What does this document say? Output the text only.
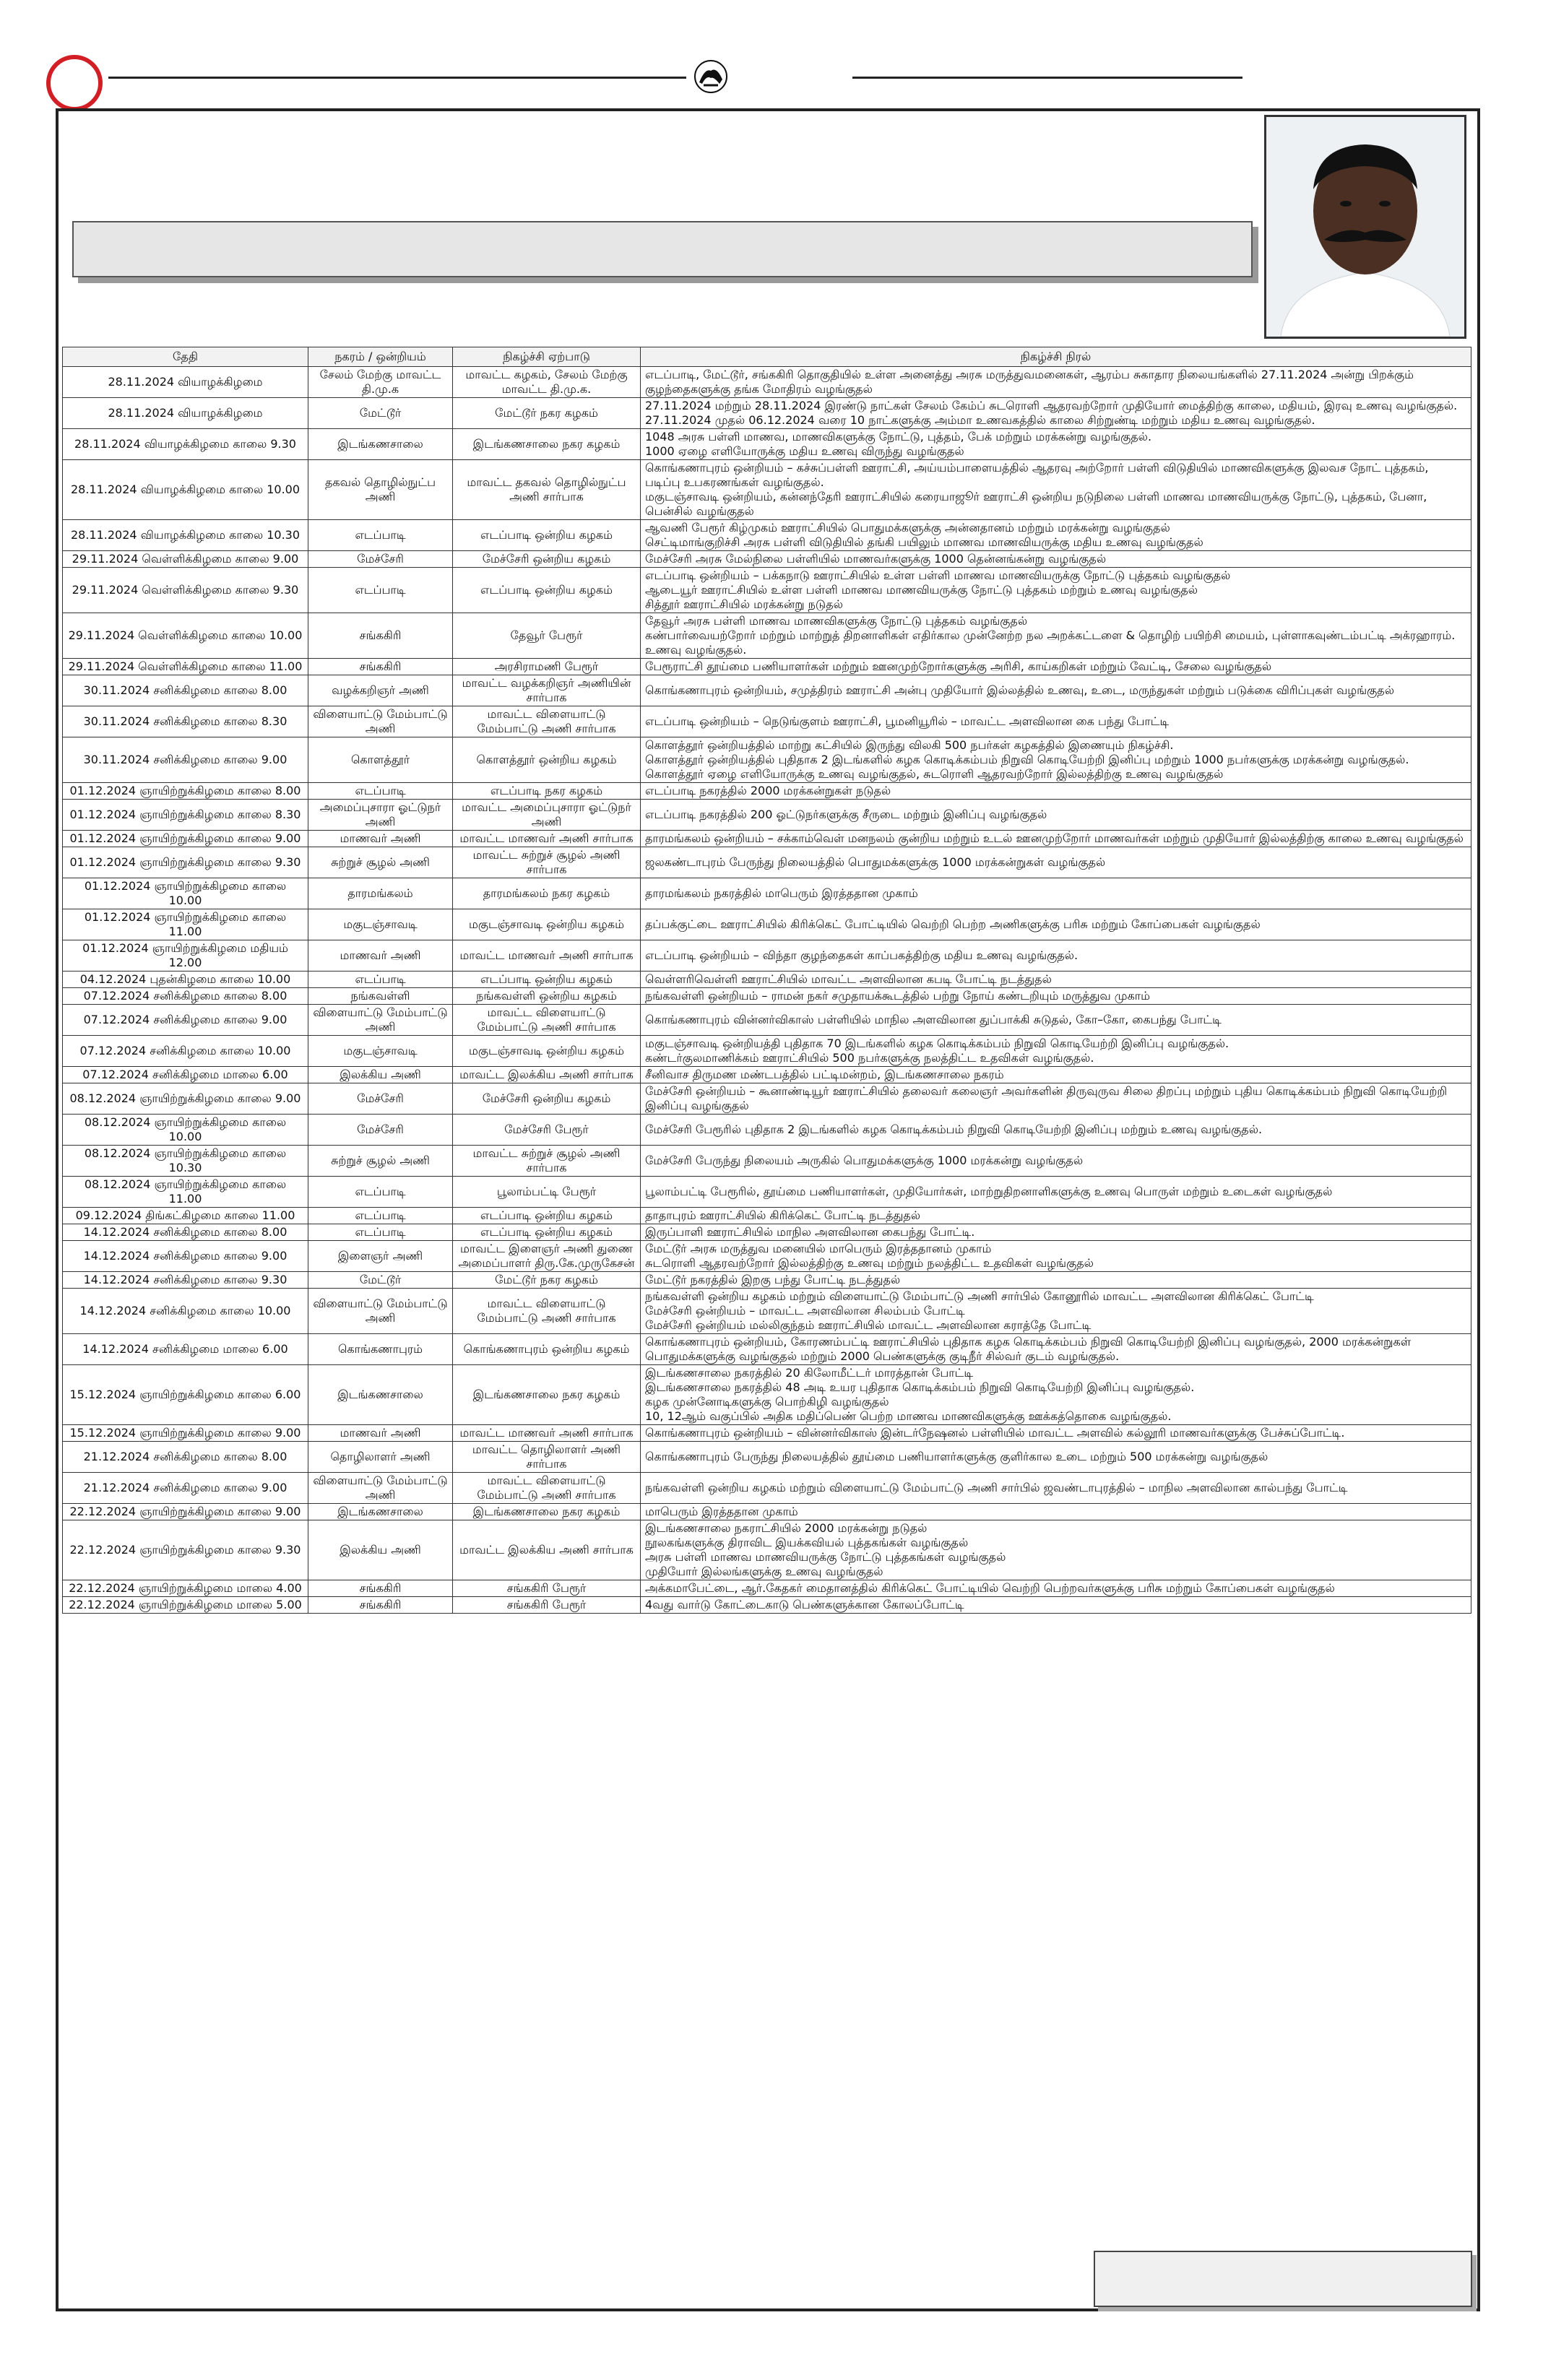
தேதி	நகரம் / ஒன்றியம்	நிகழ்ச்சி ஏற்பாடு	நிகழ்ச்சி நிரல்
28.11.2024 வியாழக்கிழமை	சேலம் மேற்கு மாவட்ட தி.மு.க	மாவட்ட கழகம், சேலம் மேற்கு மாவட்ட தி.மு.க.	எடப்பாடி, மேட்டூர், சங்ககிரி தொகுதியில் உள்ள அனைத்து அரசு மருத்துவமனைகள், ஆரம்ப சுகாதார நிலையங்களில் 27.11.2024 அன்று பிறக்கும் குழந்தைகளுக்கு தங்க மோதிரம் வழங்குதல்
28.11.2024 வியாழக்கிழமை	மேட்டூர்	மேட்டூர் நகர கழகம்	27.11.2024 மற்றும் 28.11.2024 இரண்டு நாட்கள் சேலம் கேம்ப் சுடரொளி ஆதரவற்றோர் முதியோர் மைத்திற்கு காலை, மதியம், இரவு உணவு வழங்குதல்.
27.11.2024 முதல் 06.12.2024 வரை 10 நாட்களுக்கு அம்மா உணவகத்தில் காலை சிற்றுண்டி மற்றும் மதிய உணவு வழங்குதல்.
28.11.2024 வியாழக்கிழமை காலை 9.30	இடங்கணசாலை	இடங்கணசாலை நகர கழகம்	1048 அரசு பள்ளி மாணவ, மாணவிகளுக்கு நோட்டு, புத்தம், பேக் மற்றும் மரக்கன்று வழங்குதல்.
1000 ஏழை எளியோருக்கு மதிய உணவு விருந்து வழங்குதல்
28.11.2024 வியாழக்கிழமை காலை 10.00	தகவல் தொழில்நுட்ப அணி	மாவட்ட தகவல் தொழில்நுட்ப அணி சார்பாக	கொங்கணாபுரம் ஒன்றியம் – கச்சுப்பள்ளி ஊராட்சி, அய்யம்பாளையத்தில் ஆதரவு அற்றோர் பள்ளி விடுதியில் மாணவிகளுக்கு இலவச நோட் புத்தகம், படிப்பு உபகரணங்கள் வழங்குதல்.
மகுடஞ்சாவடி ஒன்றியம், கன்னந்தேரி ஊராட்சியில் கரையாஜூர் ஊராட்சி ஒன்றிய நடுநிலை பள்ளி மாணவ மாணவியருக்கு நோட்டு, புத்தகம், பேனா, பென்சில் வழங்குதல்
28.11.2024 வியாழக்கிழமை காலை 10.30	எடப்பாடி	எடப்பாடி ஒன்றிய கழகம்	ஆவணி பேரூர் கிழ்முகம் ஊராட்சியில் பொதுமக்களுக்கு அன்னதானம் மற்றும் மரக்கன்று வழங்குதல்
செட்டிமாங்குறிச்சி அரசு பள்ளி விடுதியில் தங்கி பயிலும் மாணவ மாணவியருக்கு மதிய உணவு வழங்குதல்
29.11.2024 வெள்ளிக்கிழமை காலை 9.00	மேச்சேரி	மேச்சேரி ஒன்றிய கழகம்	மேச்சேரி அரசு மேல்நிலை பள்ளியில் மாணவர்களுக்கு 1000 தென்னங்கன்று வழங்குதல்
29.11.2024 வெள்ளிக்கிழமை காலை 9.30	எடப்பாடி	எடப்பாடி ஒன்றிய கழகம்	எடப்பாடி ஒன்றியம் – பக்கநாடு ஊராட்சியில் உள்ள பள்ளி மாணவ மாணவியருக்கு நோட்டு புத்தகம் வழங்குதல்
ஆடையூர் ஊராட்சியில் உள்ள பள்ளி மாணவ மாணவியருக்கு நோட்டு புத்தகம் மற்றும் உணவு வழங்குதல்
சித்தூர் ஊராட்சியில் மரக்கன்று நடுதல்
29.11.2024 வெள்ளிக்கிழமை காலை 10.00	சங்ககிரி	தேவூர் பேரூர்	தேவூர் அரசு பள்ளி மாணவ மாணவிகளுக்கு நோட்டு புத்தகம் வழங்குதல்
கண்பார்வையற்றோர் மற்றும் மாற்றுத் திறனாளிகள் எதிர்கால முன்னேற்ற நல அறக்கட்டளை & தொழிற் பயிற்சி மையம், புள்ளாகவுண்டம்பட்டி அக்ரஹாரம். உணவு வழங்குதல்.
29.11.2024 வெள்ளிக்கிழமை காலை 11.00	சங்ககிரி	அரசிராமணி பேரூர்	பேரூராட்சி தூய்மை பணியாளர்கள் மற்றும் ஊனமுற்றோர்களுக்கு அரிசி, காய்கறிகள் மற்றும் வேட்டி, சேலை வழங்குதல்
30.11.2024 சனிக்கிழமை காலை 8.00	வழக்கறிஞர் அணி	மாவட்ட வழக்கறிஞர் அணியின் சார்பாக	கொங்கணாபுரம் ஒன்றியம், சமுத்திரம் ஊராட்சி அன்பு முதியோர் இல்லத்தில் உணவு, உடை, மருந்துகள் மற்றும் படுக்கை விரிப்புகள் வழங்குதல்
30.11.2024 சனிக்கிழமை காலை 8.30	விளையாட்டு மேம்பாட்டு அணி	மாவட்ட விளையாட்டு மேம்பாட்டு அணி சார்பாக	எடப்பாடி ஒன்றியம் – நெடுங்குளம் ஊராட்சி, பூமனியூரில் – மாவட்ட அளவிலான கை பந்து போட்டி
30.11.2024 சனிக்கிழமை காலை 9.00	கொளத்தூர்	கொளத்தூர் ஒன்றிய கழகம்	கொளத்தூர் ஒன்றியத்தில் மாற்று கட்சியில் இருந்து விலகி 500 நபர்கள் கழகத்தில் இணையும் நிகழ்ச்சி.
கொளத்தூர் ஒன்றியத்தில் புதிதாக 2 இடங்களில் கழக கொடிக்கம்பம் நிறுவி கொடியேற்றி இனிப்பு மற்றும் 1000 நபர்களுக்கு மரக்கன்று வழங்குதல்.
கொளத்தூர் ஏழை எளியோருக்கு உணவு வழங்குதல், சுடரொளி ஆதரவற்றோர் இல்லத்திற்கு உணவு வழங்குதல்
01.12.2024 ஞாயிற்றுக்கிழமை காலை 8.00	எடப்பாடி	எடப்பாடி நகர கழகம்	எடப்பாடி நகரத்தில் 2000 மரக்கன்றுகள் நடுதல்
01.12.2024 ஞாயிற்றுக்கிழமை காலை 8.30	அமைப்புசாரா ஓட்டுநர் அணி	மாவட்ட அமைப்புசாரா ஓட்டுநர் அணி	எடப்பாடி நகரத்தில் 200 ஓட்டுநர்களுக்கு சீருடை மற்றும் இனிப்பு வழங்குதல்
01.12.2024 ஞாயிற்றுக்கிழமை காலை 9.00	மாணவர் அணி	மாவட்ட மாணவர் அணி சார்பாக	தாரமங்கலம் ஒன்றியம் – சக்காம்வெள் மனநலம் குன்றிய மற்றும் உடல் ஊனமுற்றோர் மாணவர்கள் மற்றும் முதியோர் இல்லத்திற்கு காலை உணவு வழங்குதல்
01.12.2024 ஞாயிற்றுக்கிழமை காலை 9.30	சுற்றுச் சூழல் அணி	மாவட்ட சுற்றுச் சூழல் அணி சார்பாக	ஜலகண்டாபுரம் பேருந்து நிலையத்தில் பொதுமக்களுக்கு 1000 மரக்கன்றுகள் வழங்குதல்
01.12.2024 ஞாயிற்றுக்கிழமை காலை 10.00	தாரமங்கலம்	தாரமங்கலம் நகர கழகம்	தாரமங்கலம் நகரத்தில் மாபெரும் இரத்ததான முகாம்
01.12.2024 ஞாயிற்றுக்கிழமை காலை 11.00	மகுடஞ்சாவடி	மகுடஞ்சாவடி ஒன்றிய கழகம்	தப்பக்குட்டை ஊராட்சியில் கிரிக்கெட் போட்டியில் வெற்றி பெற்ற அணிகளுக்கு பரிசு மற்றும் கோப்பைகள் வழங்குதல்
01.12.2024 ஞாயிற்றுக்கிழமை மதியம் 12.00	மாணவர் அணி	மாவட்ட மாணவர் அணி சார்பாக	எடப்பாடி ஒன்றியம் – விந்தா குழந்தைகள் காப்பகத்திற்கு மதிய உணவு வழங்குதல்.
04.12.2024 புதன்கிழமை காலை 10.00	எடப்பாடி	எடப்பாடி ஒன்றிய கழகம்	வெள்ளரிவெள்ளி ஊராட்சியில் மாவட்ட அளவிலான கபடி போட்டி நடத்துதல்
07.12.2024 சனிக்கிழமை காலை 8.00	நங்கவள்ளி	நங்கவள்ளி ஒன்றிய கழகம்	நங்கவள்ளி ஒன்றியம் – ராமன் நகர் சமுதாயக்கூடத்தில் பற்று நோய் கண்டறியும் மருத்துவ முகாம்
07.12.2024 சனிக்கிழமை காலை 9.00	விளையாட்டு மேம்பாட்டு அணி	மாவட்ட விளையாட்டு மேம்பாட்டு அணி சார்பாக	கொங்கணாபுரம் வின்னர்விகாஸ் பள்ளியில் மாநில அளவிலான துப்பாக்கி சுடுதல், கோ–கோ, கைபந்து போட்டி
07.12.2024 சனிக்கிழமை காலை 10.00	மகுடஞ்சாவடி	மகுடஞ்சாவடி ஒன்றிய கழகம்	மகுடஞ்சாவடி ஒன்றியத்தி புதிதாக 70 இடங்களில் கழக கொடிக்கம்பம் நிறுவி கொடியேற்றி இனிப்பு வழங்குதல்.
கண்டர்குலமாணிக்கம் ஊராட்சியில் 500 நபர்களுக்கு நலத்திட்ட உதவிகள் வழங்குதல்.
07.12.2024 சனிக்கிழமை மாலை 6.00	இலக்கிய அணி	மாவட்ட இலக்கிய அணி சார்பாக	சீனிவாச திருமண மண்டபத்தில் பட்டிமன்றம், இடங்கணசாலை நகரம்
08.12.2024 ஞாயிற்றுக்கிழமை காலை 9.00	மேச்சேரி	மேச்சேரி ஒன்றிய கழகம்	மேச்சேரி ஒன்றியம் – கூனாண்டியூர் ஊராட்சியில் தலைவர் கலைஞர் அவர்களின் திருவுருவ சிலை திறப்பு மற்றும் புதிய கொடிக்கம்பம் நிறுவி கொடியேற்றி இனிப்பு வழங்குதல்
08.12.2024 ஞாயிற்றுக்கிழமை காலை 10.00	மேச்சேரி	மேச்சேரி பேரூர்	மேச்சேரி பேரூரில் புதிதாக 2 இடங்களில் கழக கொடிக்கம்பம் நிறுவி கொடியேற்றி இனிப்பு மற்றும் உணவு வழங்குதல்.
08.12.2024 ஞாயிற்றுக்கிழமை காலை 10.30	சுற்றுச் சூழல் அணி	மாவட்ட சுற்றுச் சூழல் அணி சார்பாக	மேச்சேரி பேருந்து நிலையம் அருகில் பொதுமக்களுக்கு 1000 மரக்கன்று வழங்குதல்
08.12.2024 ஞாயிற்றுக்கிழமை காலை 11.00	எடப்பாடி	பூலாம்பட்டி பேரூர்	பூலாம்பட்டி பேரூரில், தூய்மை பணியாளர்கள், முதியோர்கள், மாற்றுதிறனாளிகளுக்கு உணவு பொருள் மற்றும் உடைகள் வழங்குதல்
09.12.2024 திங்கட்கிழமை காலை 11.00	எடப்பாடி	எடப்பாடி ஒன்றிய கழகம்	தாதாபுரம் ஊராட்சியில் கிரிக்கெட் போட்டி நடத்துதல்
14.12.2024 சனிக்கிழமை காலை 8.00	எடப்பாடி	எடப்பாடி ஒன்றிய கழகம்	இருப்பாளி ஊராட்சியில் மாநில அளவிலான கைபந்து போட்டி.
14.12.2024 சனிக்கிழமை காலை 9.00	இளைஞர் அணி	மாவட்ட இளைஞர் அணி துணை அமைப்பாளர் திரு.கே.முருகேசன்	மேட்டூர் அரசு மருத்துவ மனையில் மாபெரும் இரத்ததானம் முகாம்
சுடரொளி ஆதரவற்றோர் இல்லத்திற்கு உணவு மற்றும் நலத்திட்ட உதவிகள் வழங்குதல்
14.12.2024 சனிக்கிழமை காலை 9.30	மேட்டூர்	மேட்டூர் நகர கழகம்	மேட்டூர் நகரத்தில் இறகு பந்து போட்டி நடத்துதல்
14.12.2024 சனிக்கிழமை காலை 10.00	விளையாட்டு மேம்பாட்டு அணி	மாவட்ட விளையாட்டு மேம்பாட்டு அணி சார்பாக	நங்கவள்ளி ஒன்றிய கழகம் மற்றும் விளையாட்டு மேம்பாட்டு அணி சார்பில் கோனூரில் மாவட்ட அளவிலான கிரிக்கெட் போட்டி
மேச்சேரி ஒன்றியம் – மாவட்ட அளவிலான சிலம்பம் போட்டி
மேச்சேரி ஒன்றியம் மல்லிகுந்தம் ஊராட்சியில் மாவட்ட அளவிலான கராத்தே போட்டி
14.12.2024 சனிக்கிழமை மாலை 6.00	கொங்கணாபுரம்	கொங்கணாபுரம் ஒன்றிய கழகம்	கொங்கணாபுரம் ஒன்றியம், கோரணம்பட்டி ஊராட்சியில் புதிதாக கழக கொடிக்கம்பம் நிறுவி கொடியேற்றி இனிப்பு வழங்குதல், 2000 மரக்கன்றுகள் பொதுமக்களுக்கு வழங்குதல் மற்றும் 2000 பெண்களுக்கு குடிநீர் சில்வர் குடம் வழங்குதல்.
15.12.2024 ஞாயிற்றுக்கிழமை காலை 6.00	இடங்கணசாலை	இடங்கணசாலை நகர கழகம்	இடங்கணசாலை நகரத்தில் 20 கிலோமீட்டர் மாரத்தான் போட்டி
இடங்கணசாலை நகரத்தில் 48 அடி உயர புதிதாக கொடிக்கம்பம் நிறுவி கொடியேற்றி இனிப்பு வழங்குதல்.
கழக முன்னோடிகளுக்கு பொற்கிழி வழங்குதல்
10, 12ஆம் வகுப்பில் அதிக மதிப்பெண் பெற்ற மாணவ மாணவிகளுக்கு ஊக்கத்தொகை வழங்குதல்.
15.12.2024 ஞாயிற்றுக்கிழமை காலை 9.00	மாணவர் அணி	மாவட்ட மாணவர் அணி சார்பாக	கொங்கணாபுரம் ஒன்றியம் – வின்னர்விகாஸ் இன்டர்நேஷனல் பள்ளியில் மாவட்ட அளவில் கல்லூரி மாணவர்களுக்கு பேச்சுப்போட்டி.
21.12.2024 சனிக்கிழமை காலை 8.00	தொழிலாளர் அணி	மாவட்ட தொழிலாளர் அணி சார்பாக	கொங்கணாபுரம் பேருந்து நிலையத்தில் தூய்மை பணியாளர்களுக்கு குளிர்கால உடை மற்றும் 500 மரக்கன்று வழங்குதல்
21.12.2024 சனிக்கிழமை காலை 9.00	விளையாட்டு மேம்பாட்டு அணி	மாவட்ட விளையாட்டு மேம்பாட்டு அணி சார்பாக	நங்கவள்ளி ஒன்றிய கழகம் மற்றும் விளையாட்டு மேம்பாட்டு அணி சார்பில் ஜவண்டாபுரத்தில் – மாநில அளவிலான கால்பந்து போட்டி
22.12.2024 ஞாயிற்றுக்கிழமை காலை 9.00	இடங்கணசாலை	இடங்கணசாலை நகர கழகம்	மாபெரும் இரத்ததான முகாம்
22.12.2024 ஞாயிற்றுக்கிழமை காலை 9.30	இலக்கிய அணி	மாவட்ட இலக்கிய அணி சார்பாக	இடங்கணசாலை நகராட்சியில் 2000 மரக்கன்று நடுதல்
நூலகங்களுக்கு திராவிட இயக்கவியல் புத்தகங்கள் வழங்குதல்
அரசு பள்ளி மாணவ மாணவியருக்கு நோட்டு புத்தகங்கள் வழங்குதல்
முதியோர் இல்லங்களுக்கு உணவு வழங்குதல்
22.12.2024 ஞாயிற்றுக்கிழமை மாலை 4.00	சங்ககிரி	சங்ககிரி பேரூர்	அக்கமாபேட்டை, ஆர்.கேதகர் மைதானத்தில் கிரிக்கெட் போட்டியில் வெற்றி பெற்றவர்களுக்கு பரிசு மற்றும் கோப்பைகள் வழங்குதல்
22.12.2024 ஞாயிற்றுக்கிழமை மாலை 5.00	சங்ககிரி	சங்ககிரி பேரூர்	4வது வார்டு கோட்டைகாடு பெண்களுக்கான கோலப்போட்டி
